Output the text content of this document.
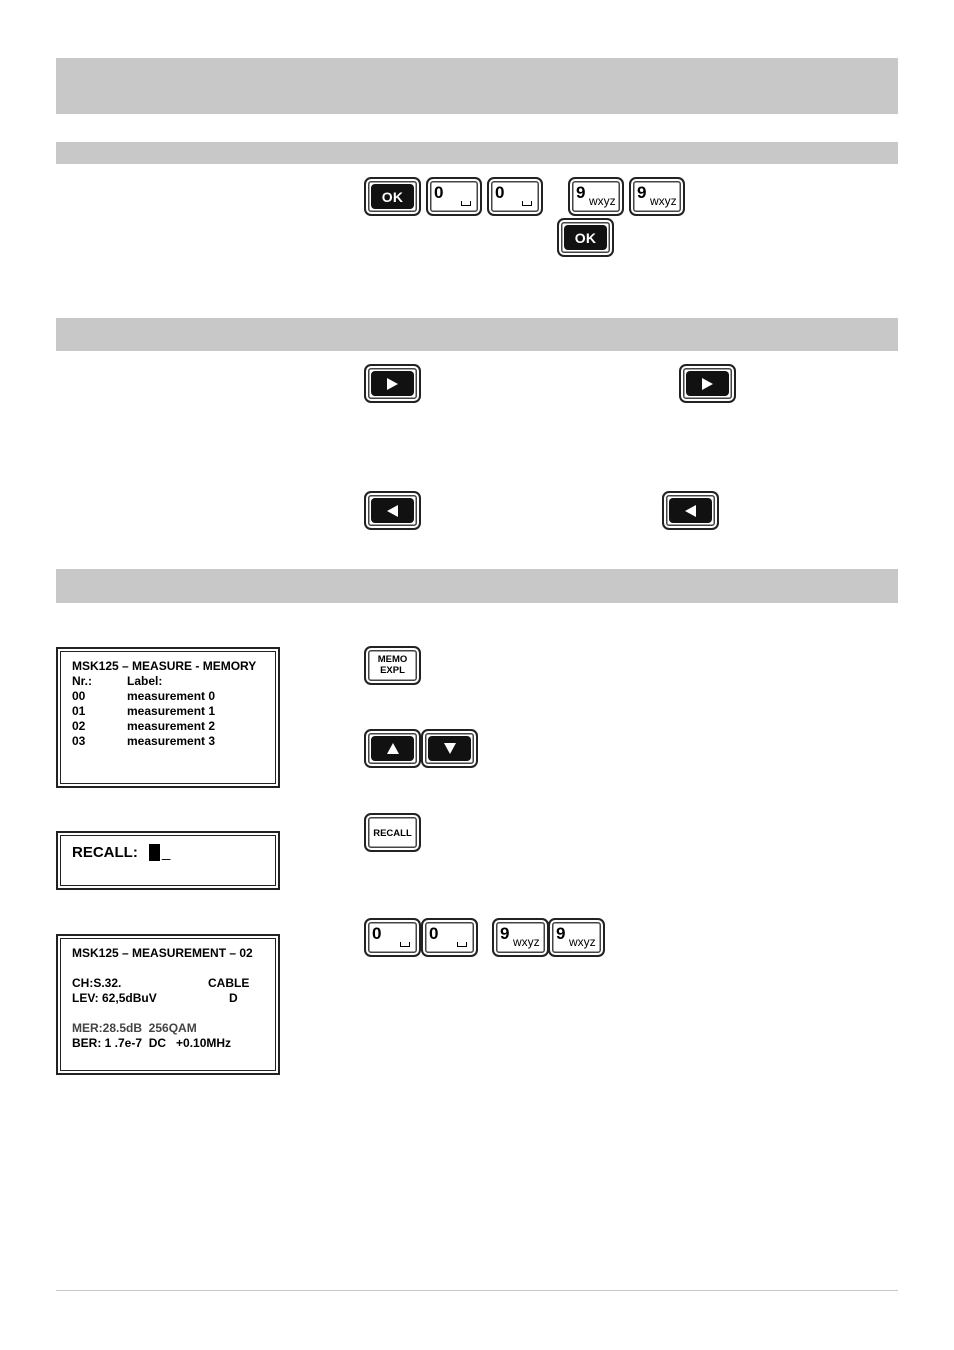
OK	0	0	9 wxyz 9 wxyz
OK
MSK125 – MEASURE - MEMORY
Nr.:	Label:
00	measurement 0
01	measurement 1
02	measurement 2
03	measurement 3
MEMO
EXPL
RECALL: _
RECALL
MSK125 – MEASUREMENT – 02
CH:S.32.	CABLE
LEV: 62,5dBuV	D
MER:28.5dB  256QAM
BER: 1 .7e-7  DC   +0.10MHz
0	0	9 wxyz 9 wxyz
